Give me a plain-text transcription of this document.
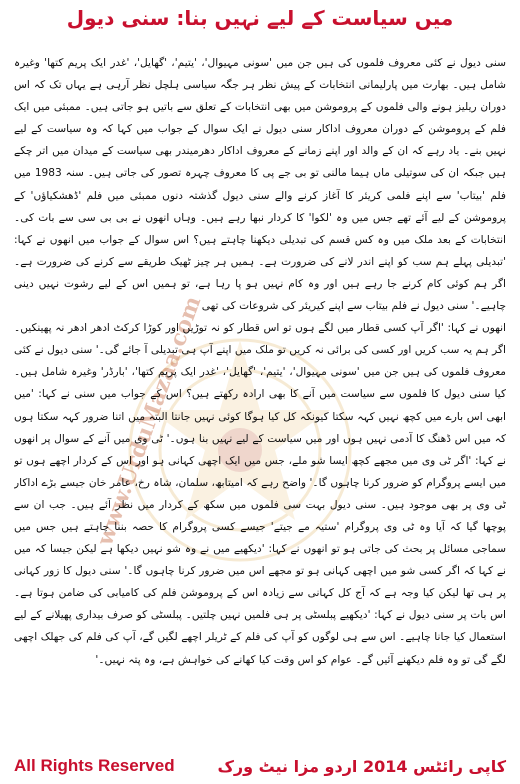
میں سیاست کے لیے نہیں بنا: سنی دیول
www.UrduMazaa.com

سنی دیول نے کئی معروف فلموں کی ہیں جن میں 'سونی مہیوال'، 'یتیم'، 'گھایل'، 'غدر ایک پریم کتھا' وغیرہ شامل ہیں۔ بھارت میں پارلیمانی انتخابات کے پیش نظر ہر جگہ سیاسی ہلچل نظر آرہی ہے یہاں تک کہ اس دوران ریلیز ہونے والی فلموں کے پروموشن میں بھی انتخابات کے تعلق سے باتیں ہو جاتی ہیں۔ ممبئی میں ایک فلم کے پروموشن کے دوران معروف اداکار سنی دیول نے ایک سوال کے جواب میں کہا کہ وہ سیاست کے لیے نہیں بنے۔ یاد رہے کہ ان کے والد اور اپنے زمانے کے معروف اداکار دھرمیندر بھی سیاست کے میدان میں اتر چکے ہیں جبکہ ان کی سوتیلی ماں ہیما مالنی تو بی جے پی کا معروف چہرہ تصور کی جاتی ہیں۔ سنہ 1983 میں فلم 'بیتاب' سے اپنے فلمی کریئر کا آغاز کرنے والے سنی دیول گذشتہ دنوں ممبئی میں فلم 'ڈھشکیاؤں' کے پروموشن کے لیے آئے تھے جس میں وہ 'لکوا' کا کردار نبھا رہے ہیں۔ وہاں انھوں نے بی بی سی سے بات کی۔ انتخابات کے بعد ملک میں وہ کس قسم کی تبدیلی دیکھنا چاہتے ہیں؟ اس سوال کے جواب میں انھوں نے کہا: 'تبدیلی پہلے ہم سب کو اپنے اندر لانے کی ضرورت ہے۔ ہمیں ہر چیز ٹھیک طریقے سے کرنے کی ضرورت ہے۔ اگر ہم کوئی کام کرنے جا رہے ہیں اور وہ کام نہیں ہو پا رہا ہے، تو ہمیں اس کے لیے رشوت نہیں دینی چاہیے۔' سنی دیول نے فلم بیتاب سے اپنے کیریئر کی شروعات کی تھی

انھوں نے کہا: 'اگر آپ کسی قطار میں لگے ہوں تو اس قطار کو نہ توڑیں اور کوڑا کرکٹ ادھر ادھر نہ پھینکیں۔ اگر ہم یہ سب کریں اور کسی کی برائی نہ کریں تو ملک میں اپنے آپ ہی تبدیلی آ جائے گی۔' سنی دیول نے کئی معروف فلموں کی ہیں جن میں 'سونی مہیوال'، 'یتیم'، 'گھایل'، 'غدر ایک پریم کتھا'، 'بارڈر' وغیرہ شامل ہیں۔ کیا سنی دیول کا فلموں سے سیاست میں آنے کا بھی ارادہ رکھتے ہیں؟ اس کے جواب میں سنی نے کہا: 'میں ابھی اس بارے میں کچھ نہیں کہہ سکتا کیونکہ کل کیا ہوگا کوئی نہیں جانتا البتہ میں اتنا ضرور کہہ سکتا ہوں کہ میں اس ڈھنگ کا آدمی نہیں ہوں اور میں سیاست کے لیے نہیں بنا ہوں۔' ٹی وی میں آنے کے سوال پر انھوں نے کہا: 'اگر ٹی وی میں مجھے کچھ ایسا شو ملے، جس میں ایک اچھی کہانی ہو اور اس کے کردار اچھے ہوں تو میں ایسے پروگرام کو ضرور کرنا چاہوں گا۔' واضح رہے کہ امیتابھ، سلمان، شاہ رخ، عامر خان جیسے بڑے اداکار ٹی وی پر بھی موجود ہیں۔ سنی دیول بہت سی فلموں میں سکھ کے کردار میں نظر آئے ہیں۔ جب ان سے پوچھا گیا کہ آیا وہ ٹی وی پروگرام 'ستیہ مے جیتے' جیسے کسی پروگرام کا حصہ بننا چاہتے ہیں جس میں سماجی مسائل پر بحث کی جاتی ہو تو انھوں نے کہا: 'دیکھیے میں نے وہ شو نہیں دیکھا ہے لیکن جیسا کہ میں نے کہا کہ اگر کسی شو میں اچھی کہانی ہو تو مجھے اس میں ضرور کرنا چاہوں گا۔' سنی دیول کا زور کہانی پر ہی تھا لیکن کیا وجہ ہے کہ آج کل کہانی سے زیادہ اس کے پروموشن فلم کی کامیابی کی ضامن ہوتا ہے۔ اس بات پر سنی دیول نے کہا: 'دیکھیے پبلسٹی پر ہی فلمیں نہیں چلتیں۔ پبلسٹی کو صرف بیداری پھیلانے کے لیے استعمال کیا جانا چاہیے۔ اس سے ہی لوگوں کو آپ کی فلم کے ٹریلر اچھے لگیں گے، آپ کی فلم کی جھلک اچھی لگے گی تو وہ فلم دیکھنے آئیں گے۔ عوام کو اس وقت کیا کھانے کی خواہش ہے، وہ پتہ نہیں۔'

All Rights Reserved	کاپی رائٹس 2014 اردو مزا نیٹ ورک
